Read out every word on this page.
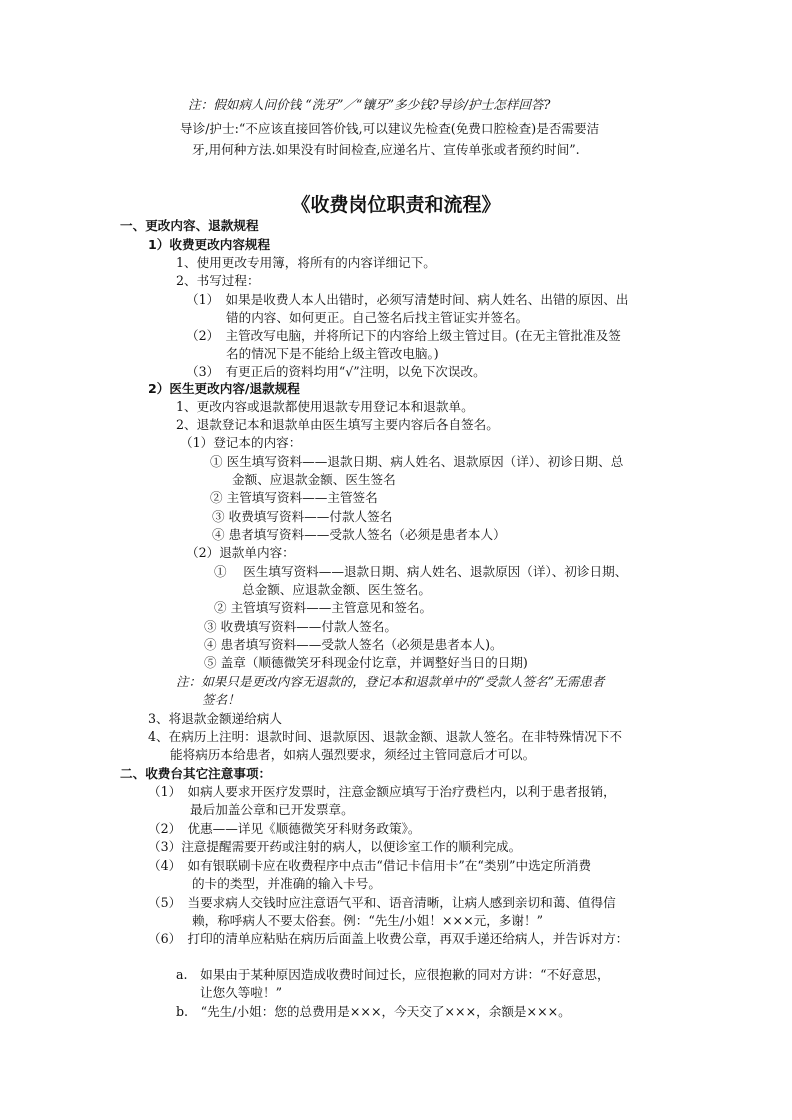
注：假如病人问价钱 “洗牙”／“镶牙”多少钱?导诊/护士怎样回答?
导诊/护士:“不应该直接回答价钱,可以建议先检查(免费口腔检查)是否需要洁
牙,用何种方法.如果没有时间检查,应递名片、宣传单张或者预约时间”.
《收费岗位职责和流程》
一、更改内容、退款规程
1）收费更改内容规程
1、使用更改专用簿，将所有的内容详细记下。
2、书写过程：
（1）　如果是收费人本人出错时，必须写清楚时间、病人姓名、出错的原因、出
错的内容、如何更正。自己签名后找主管证实并签名。
（2）　主管改写电脑，并将所记下的内容给上级主管过目。(在无主管批准及签
名的情况下是不能给上级主管改电脑。)
（3）　有更正后的资料均用“√”注明，以免下次误改。
2）医生更改内容/退款规程
1、更改内容或退款都使用退款专用登记本和退款单。
2、退款登记本和退款单由医生填写主要内容后各自签名。
（1）登记本的内容：
① 医生填写资料——退款日期、病人姓名、退款原因（详）、初诊日期、总
金额、应退款金额、医生签名
② 主管填写资料——主管签名
③ 收费填写资料——付款人签名
④ 患者填写资料——受款人签名（必须是患者本人）
（2）退款单内容：
①　 医生填写资料——退款日期、病人姓名、退款原因（详）、初诊日期、
总金额、应退款金额、医生签名。
② 主管填写资料——主管意见和签名。
③ 收费填写资料——付款人签名。
④ 患者填写资料——受款人签名（必须是患者本人)。
⑤ 盖章（顺德微笑牙科现金付讫章，并调整好当日的日期)
注：如果只是更改内容无退款的，登记本和退款单中的“受款人签名”无需患者
签名！
3、将退款金额递给病人
4、在病历上注明：退款时间、退款原因、退款金额、退款人签名。在非特殊情况下不
能将病历本给患者，如病人强烈要求，须经过主管同意后才可以。
二、收费台其它注意事项：
（1）　如病人要求开医疗发票时，注意金额应填写于治疗费栏内，以利于患者报销，
最后加盖公章和已开发票章。
（2）　优惠——详见《顺德微笑牙科财务政策》。
（3）注意提醒需要开药或注射的病人，以便诊室工作的顺利完成。
（4）　如有银联刷卡应在收费程序中点击“借记卡信用卡”在“类别”中选定所消费
的卡的类型，并准确的输入卡号。
（5）　当要求病人交钱时应注意语气平和、语音清晰，让病人感到亲切和蔼、值得信
赖，称呼病人不要太俗套。例：“先生/小姐！×××元，多谢！”
（6）　打印的清单应粘贴在病历后面盖上收费公章，再双手递还给病人，并告诉对方：
a.　如果由于某种原因造成收费时间过长，应很抱歉的同对方讲：“不好意思，
让您久等啦！”
b.　“先生/小姐：您的总费用是×××，今天交了×××，余额是×××。
